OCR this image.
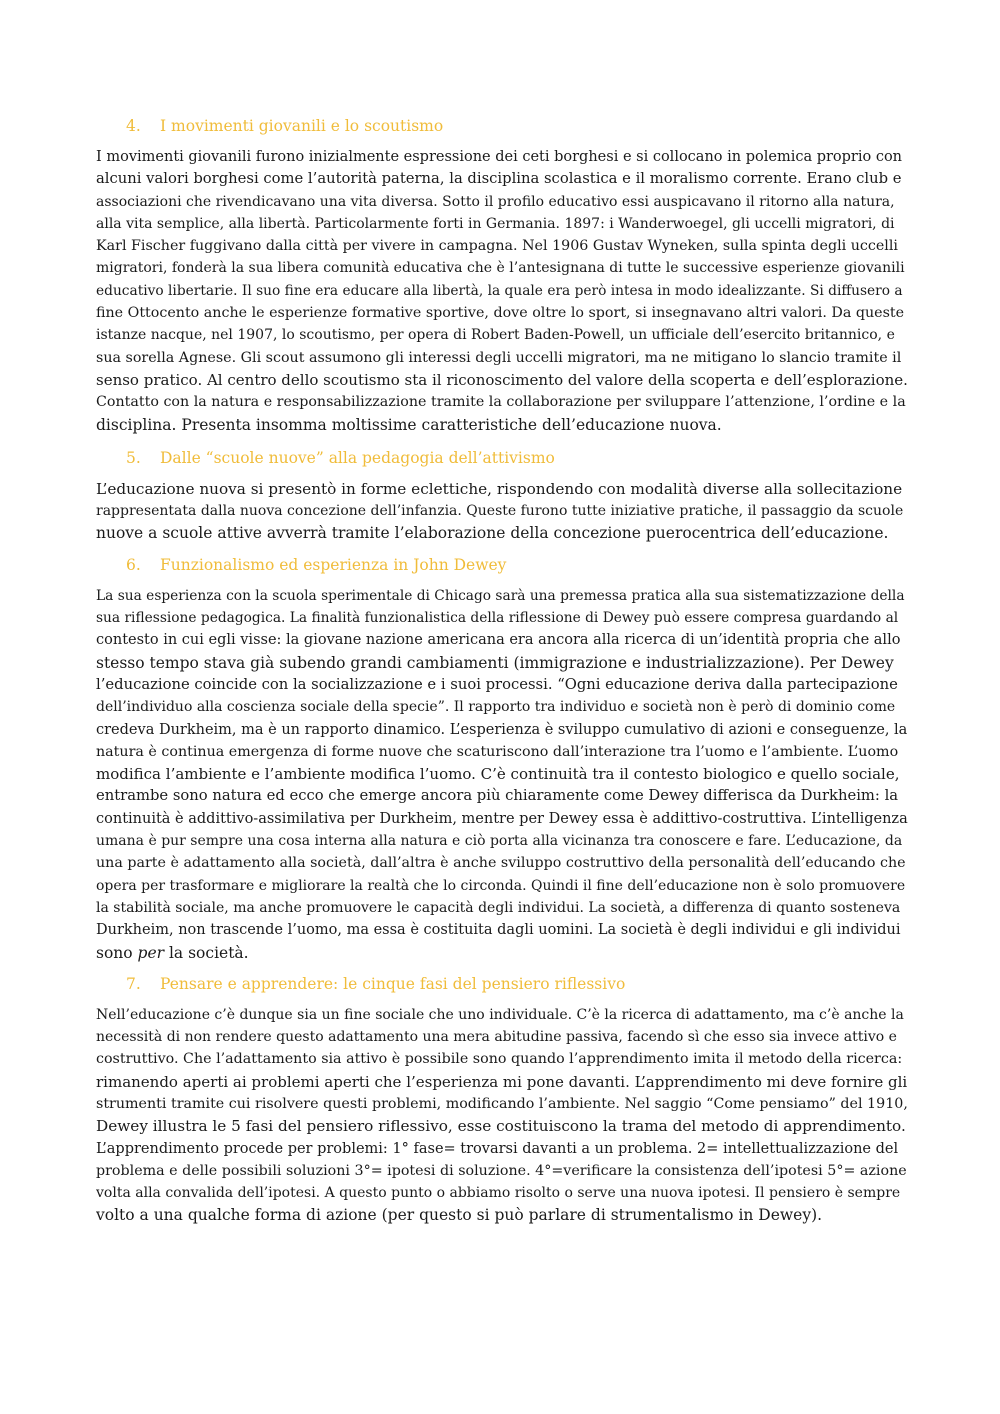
4. I movimenti giovanili e lo scoutismo
I movimenti giovanili furono inizialmente espressione dei ceti borghesi e si collocano in polemica proprio con
alcuni valori borghesi come l’autorità paterna, la disciplina scolastica e il moralismo corrente. Erano club e
associazioni che rivendicavano una vita diversa. Sotto il profilo educativo essi auspicavano il ritorno alla natura,
alla vita semplice, alla libertà. Particolarmente forti in Germania. 1897: i Wanderwoegel, gli uccelli migratori, di
Karl Fischer fuggivano dalla città per vivere in campagna. Nel 1906 Gustav Wyneken, sulla spinta degli uccelli
migratori, fonderà la sua libera comunità educativa che è l’antesignana di tutte le successive esperienze giovanili
educativo libertarie. Il suo fine era educare alla libertà, la quale era però intesa in modo idealizzante. Si diffusero a
fine Ottocento anche le esperienze formative sportive, dove oltre lo sport, si insegnavano altri valori. Da queste
istanze nacque, nel 1907, lo scoutismo, per opera di Robert Baden-Powell, un ufficiale dell’esercito britannico, e
sua sorella Agnese. Gli scout assumono gli interessi degli uccelli migratori, ma ne mitigano lo slancio tramite il
senso pratico. Al centro dello scoutismo sta il riconoscimento del valore della scoperta e dell’esplorazione.
Contatto con la natura e responsabilizzazione tramite la collaborazione per sviluppare l’attenzione, l’ordine e la
disciplina. Presenta insomma moltissime caratteristiche dell’educazione nuova.
5. Dalle “scuole nuove” alla pedagogia dell’attivismo
L’educazione nuova si presentò in forme eclettiche, rispondendo con modalità diverse alla sollecitazione
rappresentata dalla nuova concezione dell’infanzia. Queste furono tutte iniziative pratiche, il passaggio da scuole
nuove a scuole attive avverrà tramite l’elaborazione della concezione puerocentrica dell’educazione.
6. Funzionalismo ed esperienza in John Dewey
La sua esperienza con la scuola sperimentale di Chicago sarà una premessa pratica alla sua sistematizzazione della
sua riflessione pedagogica. La finalità funzionalistica della riflessione di Dewey può essere compresa guardando al
contesto in cui egli visse: la giovane nazione americana era ancora alla ricerca di un’identità propria che allo
stesso tempo stava già subendo grandi cambiamenti (immigrazione e industrializzazione). Per Dewey
l’educazione coincide con la socializzazione e i suoi processi. “Ogni educazione deriva dalla partecipazione
dell’individuo alla coscienza sociale della specie”. Il rapporto tra individuo e società non è però di dominio come
credeva Durkheim, ma è un rapporto dinamico. L’esperienza è sviluppo cumulativo di azioni e conseguenze, la
natura è continua emergenza di forme nuove che scaturiscono dall’interazione tra l’uomo e l’ambiente. L’uomo
modifica l’ambiente e l’ambiente modifica l’uomo. C’è continuità tra il contesto biologico e quello sociale,
entrambe sono natura ed ecco che emerge ancora più chiaramente come Dewey differisca da Durkheim: la
continuità è addittivo-assimilativa per Durkheim, mentre per Dewey essa è addittivo-costruttiva. L’intelligenza
umana è pur sempre una cosa interna alla natura e ciò porta alla vicinanza tra conoscere e fare. L’educazione, da
una parte è adattamento alla società, dall’altra è anche sviluppo costruttivo della personalità dell’educando che
opera per trasformare e migliorare la realtà che lo circonda. Quindi il fine dell’educazione non è solo promuovere
la stabilità sociale, ma anche promuovere le capacità degli individui. La società, a differenza di quanto sosteneva
Durkheim, non trascende l’uomo, ma essa è costituita dagli uomini. La società è degli individui e gli individui
sono per la società.
7. Pensare e apprendere: le cinque fasi del pensiero riflessivo
Nell’educazione c’è dunque sia un fine sociale che uno individuale. C’è la ricerca di adattamento, ma c’è anche la
necessità di non rendere questo adattamento una mera abitudine passiva, facendo sì che esso sia invece attivo e
costruttivo. Che l’adattamento sia attivo è possibile sono quando l’apprendimento imita il metodo della ricerca:
rimanendo aperti ai problemi aperti che l’esperienza mi pone davanti. L’apprendimento mi deve fornire gli
strumenti tramite cui risolvere questi problemi, modificando l’ambiente. Nel saggio “Come pensiamo” del 1910,
Dewey illustra le 5 fasi del pensiero riflessivo, esse costituiscono la trama del metodo di apprendimento.
L’apprendimento procede per problemi: 1° fase= trovarsi davanti a un problema. 2= intellettualizzazione del
problema e delle possibili soluzioni 3°= ipotesi di soluzione. 4°=verificare la consistenza dell’ipotesi 5°= azione
volta alla convalida dell’ipotesi. A questo punto o abbiamo risolto o serve una nuova ipotesi. Il pensiero è sempre
volto a una qualche forma di azione (per questo si può parlare di strumentalismo in Dewey).
